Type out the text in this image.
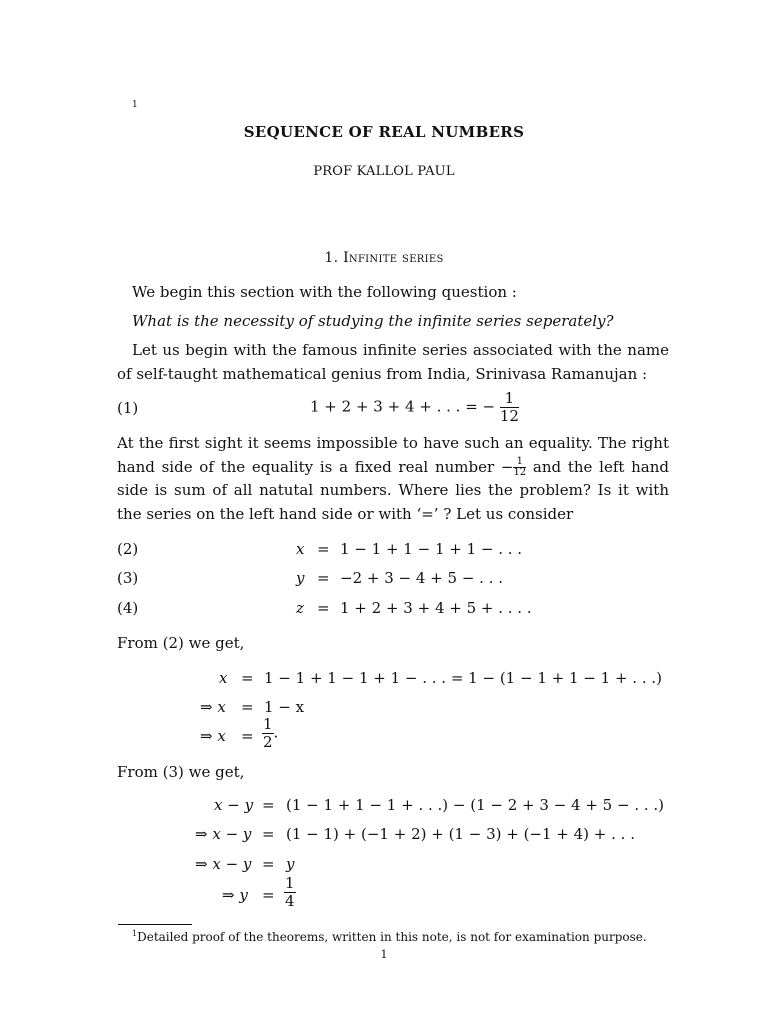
1
SEQUENCE OF REAL NUMBERS
PROF KALLOL PAUL
1. Infinite series
We begin this section with the following question :
What is the necessity of studying the infinite series seperately?
Let us begin with the famous infinite series associated with the name of self-taught mathematical genius from India, Srinivasa Ramanujan :
(1)	1 + 2 + 3 + 4 + . . . = − $\frac{1}{12}$
At the first sight it seems impossible to have such an equality. The right hand side of the equality is a fixed real number − $\frac{1}{12}$ and the left hand side is sum of all natutal numbers. Where lies the problem? Is it with the series on the left hand side or with ‘=’ ? Let us consider
(2)	x = 1 − 1 + 1 − 1 + 1 − . . .
(3)	y = −2 + 3 − 4 + 5 − . . .
(4)	z = 1 + 2 + 3 + 4 + 5 + . . . .
From (2) we get,
x = 1 − 1 + 1 − 1 + 1 − . . . = 1 − (1 − 1 + 1 − 1 + . . .)
⇒ x = 1 − x
⇒ $x = \frac{1}{2}$ .
From (3) we get,
x − y = (1 − 1 + 1 − 1 + . . .) − (1 − 2 + 3 − 4 + 5 − . . .)
⇒ x − y = (1 − 1) + (−1 + 2) + (1 − 3) + (−1 + 4) + . . .
⇒ x − y = y
⇒ $y = \frac{1}{4}$
$^1$Detailed proof of the theorems, written in this note, is not for examination purpose.
1
